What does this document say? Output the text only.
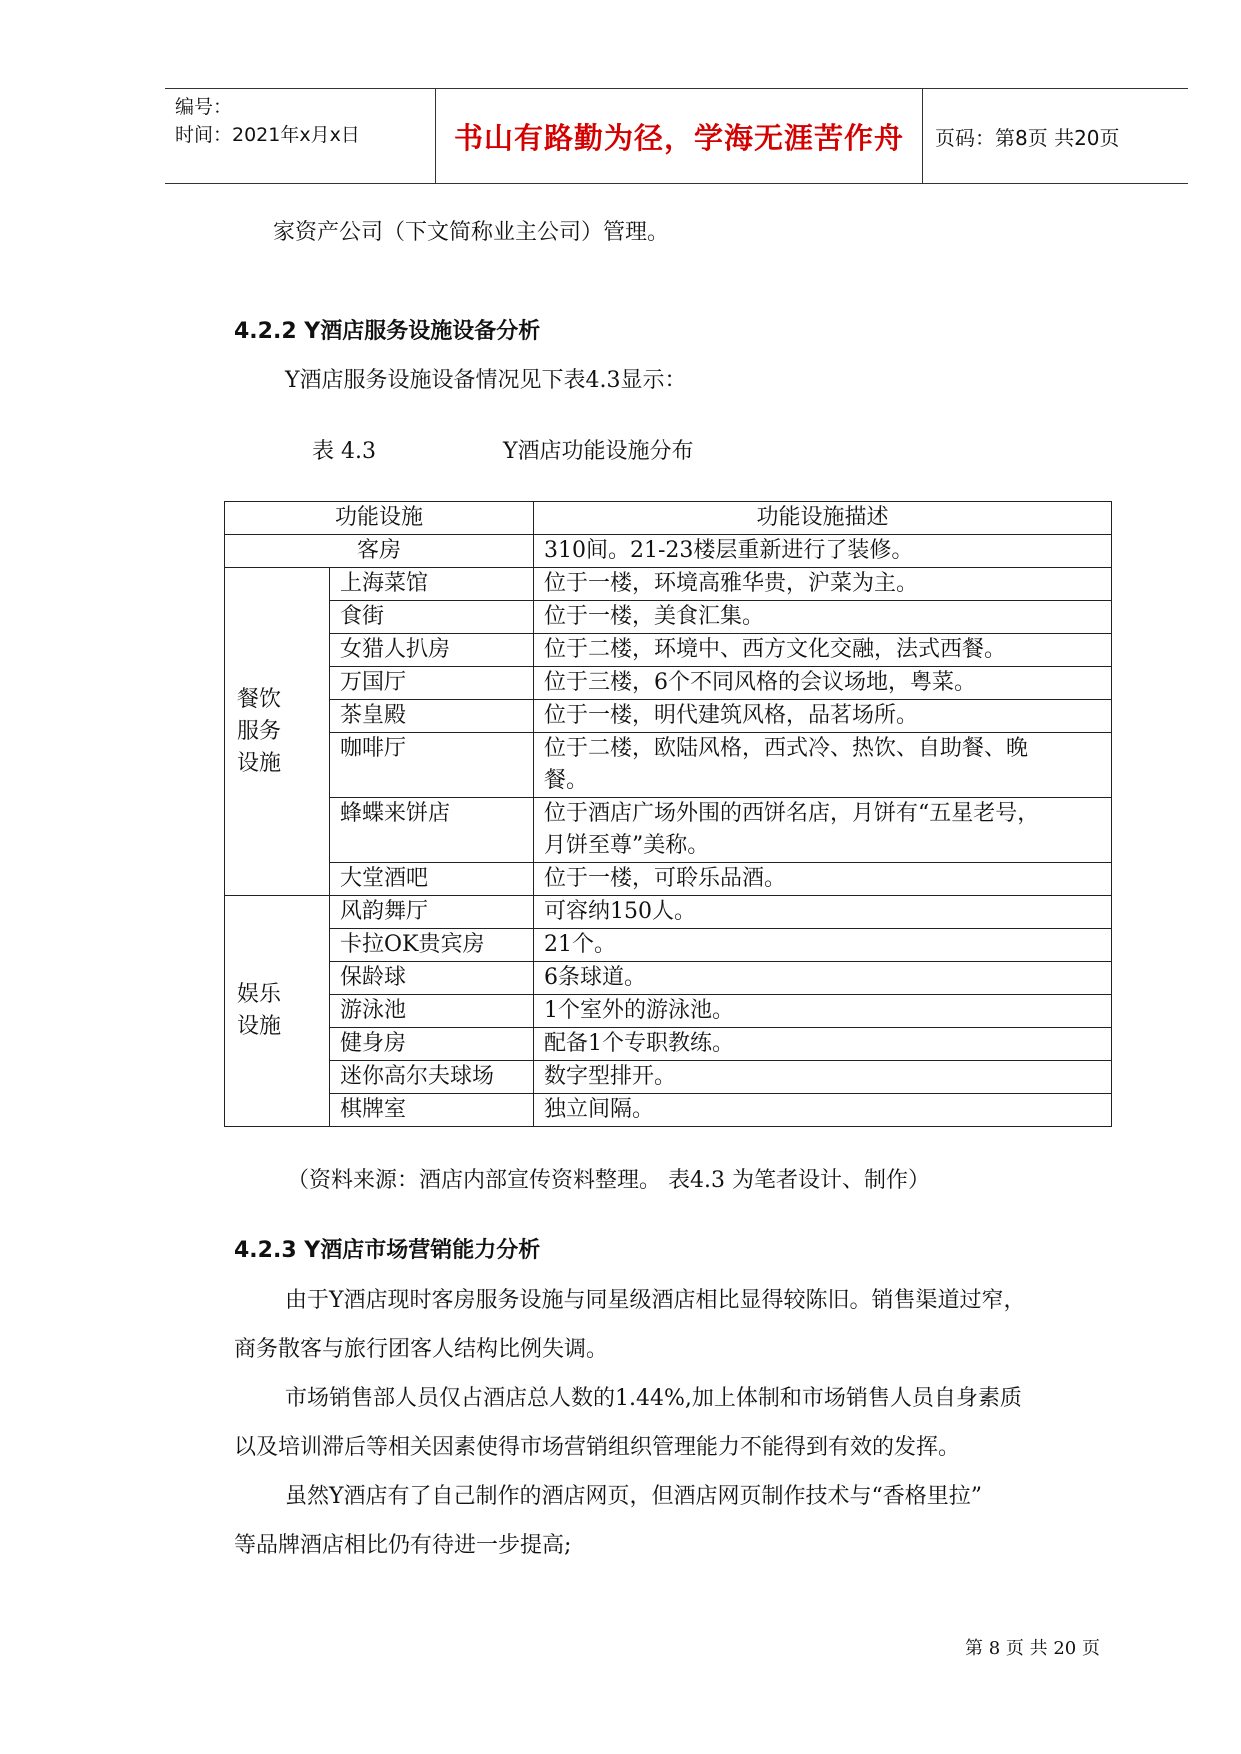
编号：
时间：2021年x月x日	书山有路勤为径，学海无涯苦作舟	页码：第8页 共20页
家资产公司（下文简称业主公司）管理。
4.2.2 Y酒店服务设施设备分析
Y酒店服务设施设备情况见下表4.3显示：
表 4.3	Y酒店功能设施分布
功能设施		功能设施描述
客房		310间。21-23楼层重新进行了装修。

餐饮
服务
设施	上海菜馆	位于一楼，环境高雅华贵，沪菜为主。
	食街	位于一楼，美食汇集。
	女猎人扒房	位于二楼，环境中、西方文化交融，法式西餐。
	万国厅	位于三楼，6个不同风格的会议场地，粤菜。
	茶皇殿	位于一楼，明代建筑风格，品茗场所。
	咖啡厅	位于二楼，欧陆风格，西式冷、热饮、自助餐、晚
餐。

	蜂蝶来饼店	位于酒店广场外围的西饼名店，月饼有“五星老号，
月饼至尊”美称。

	大堂酒吧	位于一楼，可聆乐品酒。

娱乐
设施	风韵舞厅	可容纳150人。
	卡拉OK贵宾房	21个。
	保龄球	6条球道。
	游泳池	1个室外的游泳池。
	健身房	配备1个专职教练。
	迷你高尔夫球场	数字型排开。
	棋牌室	独立间隔。
（资料来源：酒店内部宣传资料整理。 表4.3 为笔者设计、制作）
4.2.3 Y酒店市场营销能力分析
由于Y酒店现时客房服务设施与同星级酒店相比显得较陈旧。销售渠道过窄，
商务散客与旅行团客人结构比例失调。
市场销售部人员仅占酒店总人数的1.44%,加上体制和市场销售人员自身素质
以及培训滞后等相关因素使得市场营销组织管理能力不能得到有效的发挥。
虽然Y酒店有了自己制作的酒店网页，但酒店网页制作技术与“香格里拉”
等品牌酒店相比仍有待进一步提高;
第 8 页 共 20 页
